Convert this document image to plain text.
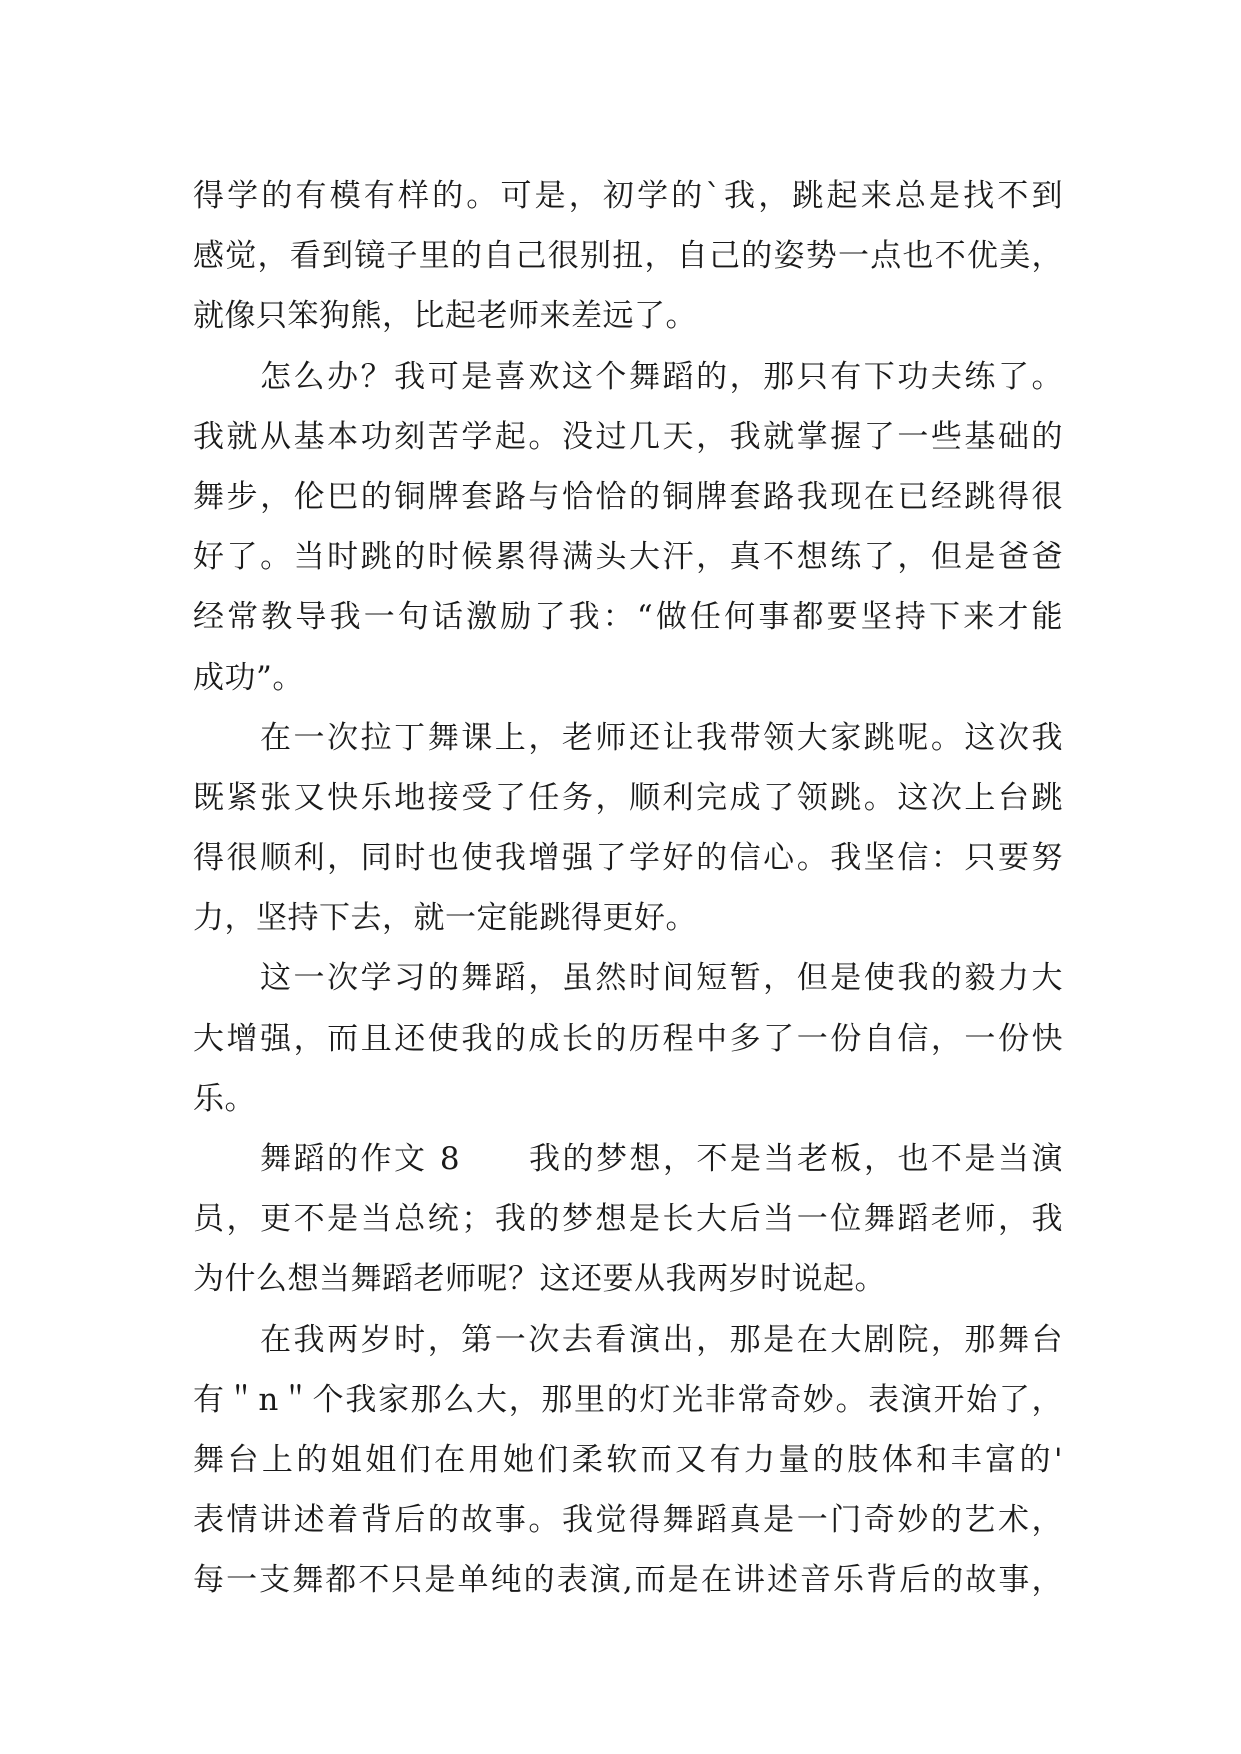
得学的有模有样的。可是，初学的`我，跳起来总是找不到
感觉，看到镜子里的自己很别扭，自己的姿势一点也不优美，
就像只笨狗熊，比起老师来差远了。
怎么办？我可是喜欢这个舞蹈的，那只有下功夫练了。
我就从基本功刻苦学起。没过几天，我就掌握了一些基础的
舞步，伦巴的铜牌套路与恰恰的铜牌套路我现在已经跳得很
好了。当时跳的时候累得满头大汗，真不想练了，但是爸爸
经常教导我一句话激励了我：“做任何事都要坚持下来才能
成功”。
在一次拉丁舞课上，老师还让我带领大家跳呢。这次我
既紧张又快乐地接受了任务，顺利完成了领跳。这次上台跳
得很顺利，同时也使我增强了学好的信心。我坚信：只要努
力，坚持下去，就一定能跳得更好。
这一次学习的舞蹈，虽然时间短暂，但是使我的毅力大
大增强，而且还使我的成长的历程中多了一份自信，一份快
乐。
舞蹈的作文 8　　我的梦想，不是当老板，也不是当演
员，更不是当总统；我的梦想是长大后当一位舞蹈老师，我
为什么想当舞蹈老师呢？这还要从我两岁时说起。
在我两岁时，第一次去看演出，那是在大剧院，那舞台
有＂n＂个我家那么大，那里的灯光非常奇妙。表演开始了，
舞台上的姐姐们在用她们柔软而又有力量的肢体和丰富的'
表情讲述着背后的故事。我觉得舞蹈真是一门奇妙的艺术，
每一支舞都不只是单纯的表演,而是在讲述音乐背后的故事，
